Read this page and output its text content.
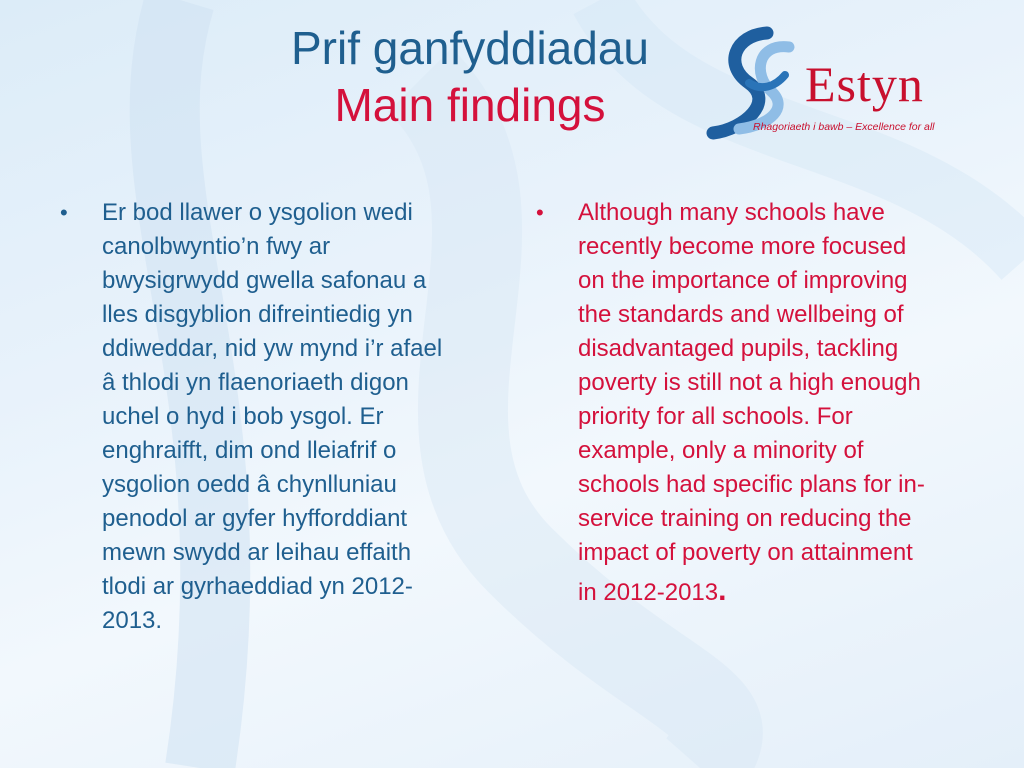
Prif ganfyddiadau
Main findings	Estyn
Rhagoriaeth i bawb – Excellence for all
•	Er bod llawer o ysgolion wedi
canolbwyntio’n fwy ar
bwysigrwydd gwella safonau a
lles disgyblion difreintiedig yn
ddiweddar, nid yw mynd i’r afael
â thlodi yn flaenoriaeth digon
uchel o hyd i bob ysgol. Er
enghraifft, dim ond lleiafrif o
ysgolion oedd â chynlluniau
penodol ar gyfer hyfforddiant
mewn swydd ar leihau effaith
tlodi ar gyrhaeddiad yn 2012-
2013.
•	Although many schools have
recently become more focused
on the importance of improving
the standards and wellbeing of
disadvantaged pupils, tackling
poverty is still not a high enough
priority for all schools. For
example, only a minority of
schools had specific plans for in-
service training on reducing the
impact of poverty on attainment
in 2012-2013.
